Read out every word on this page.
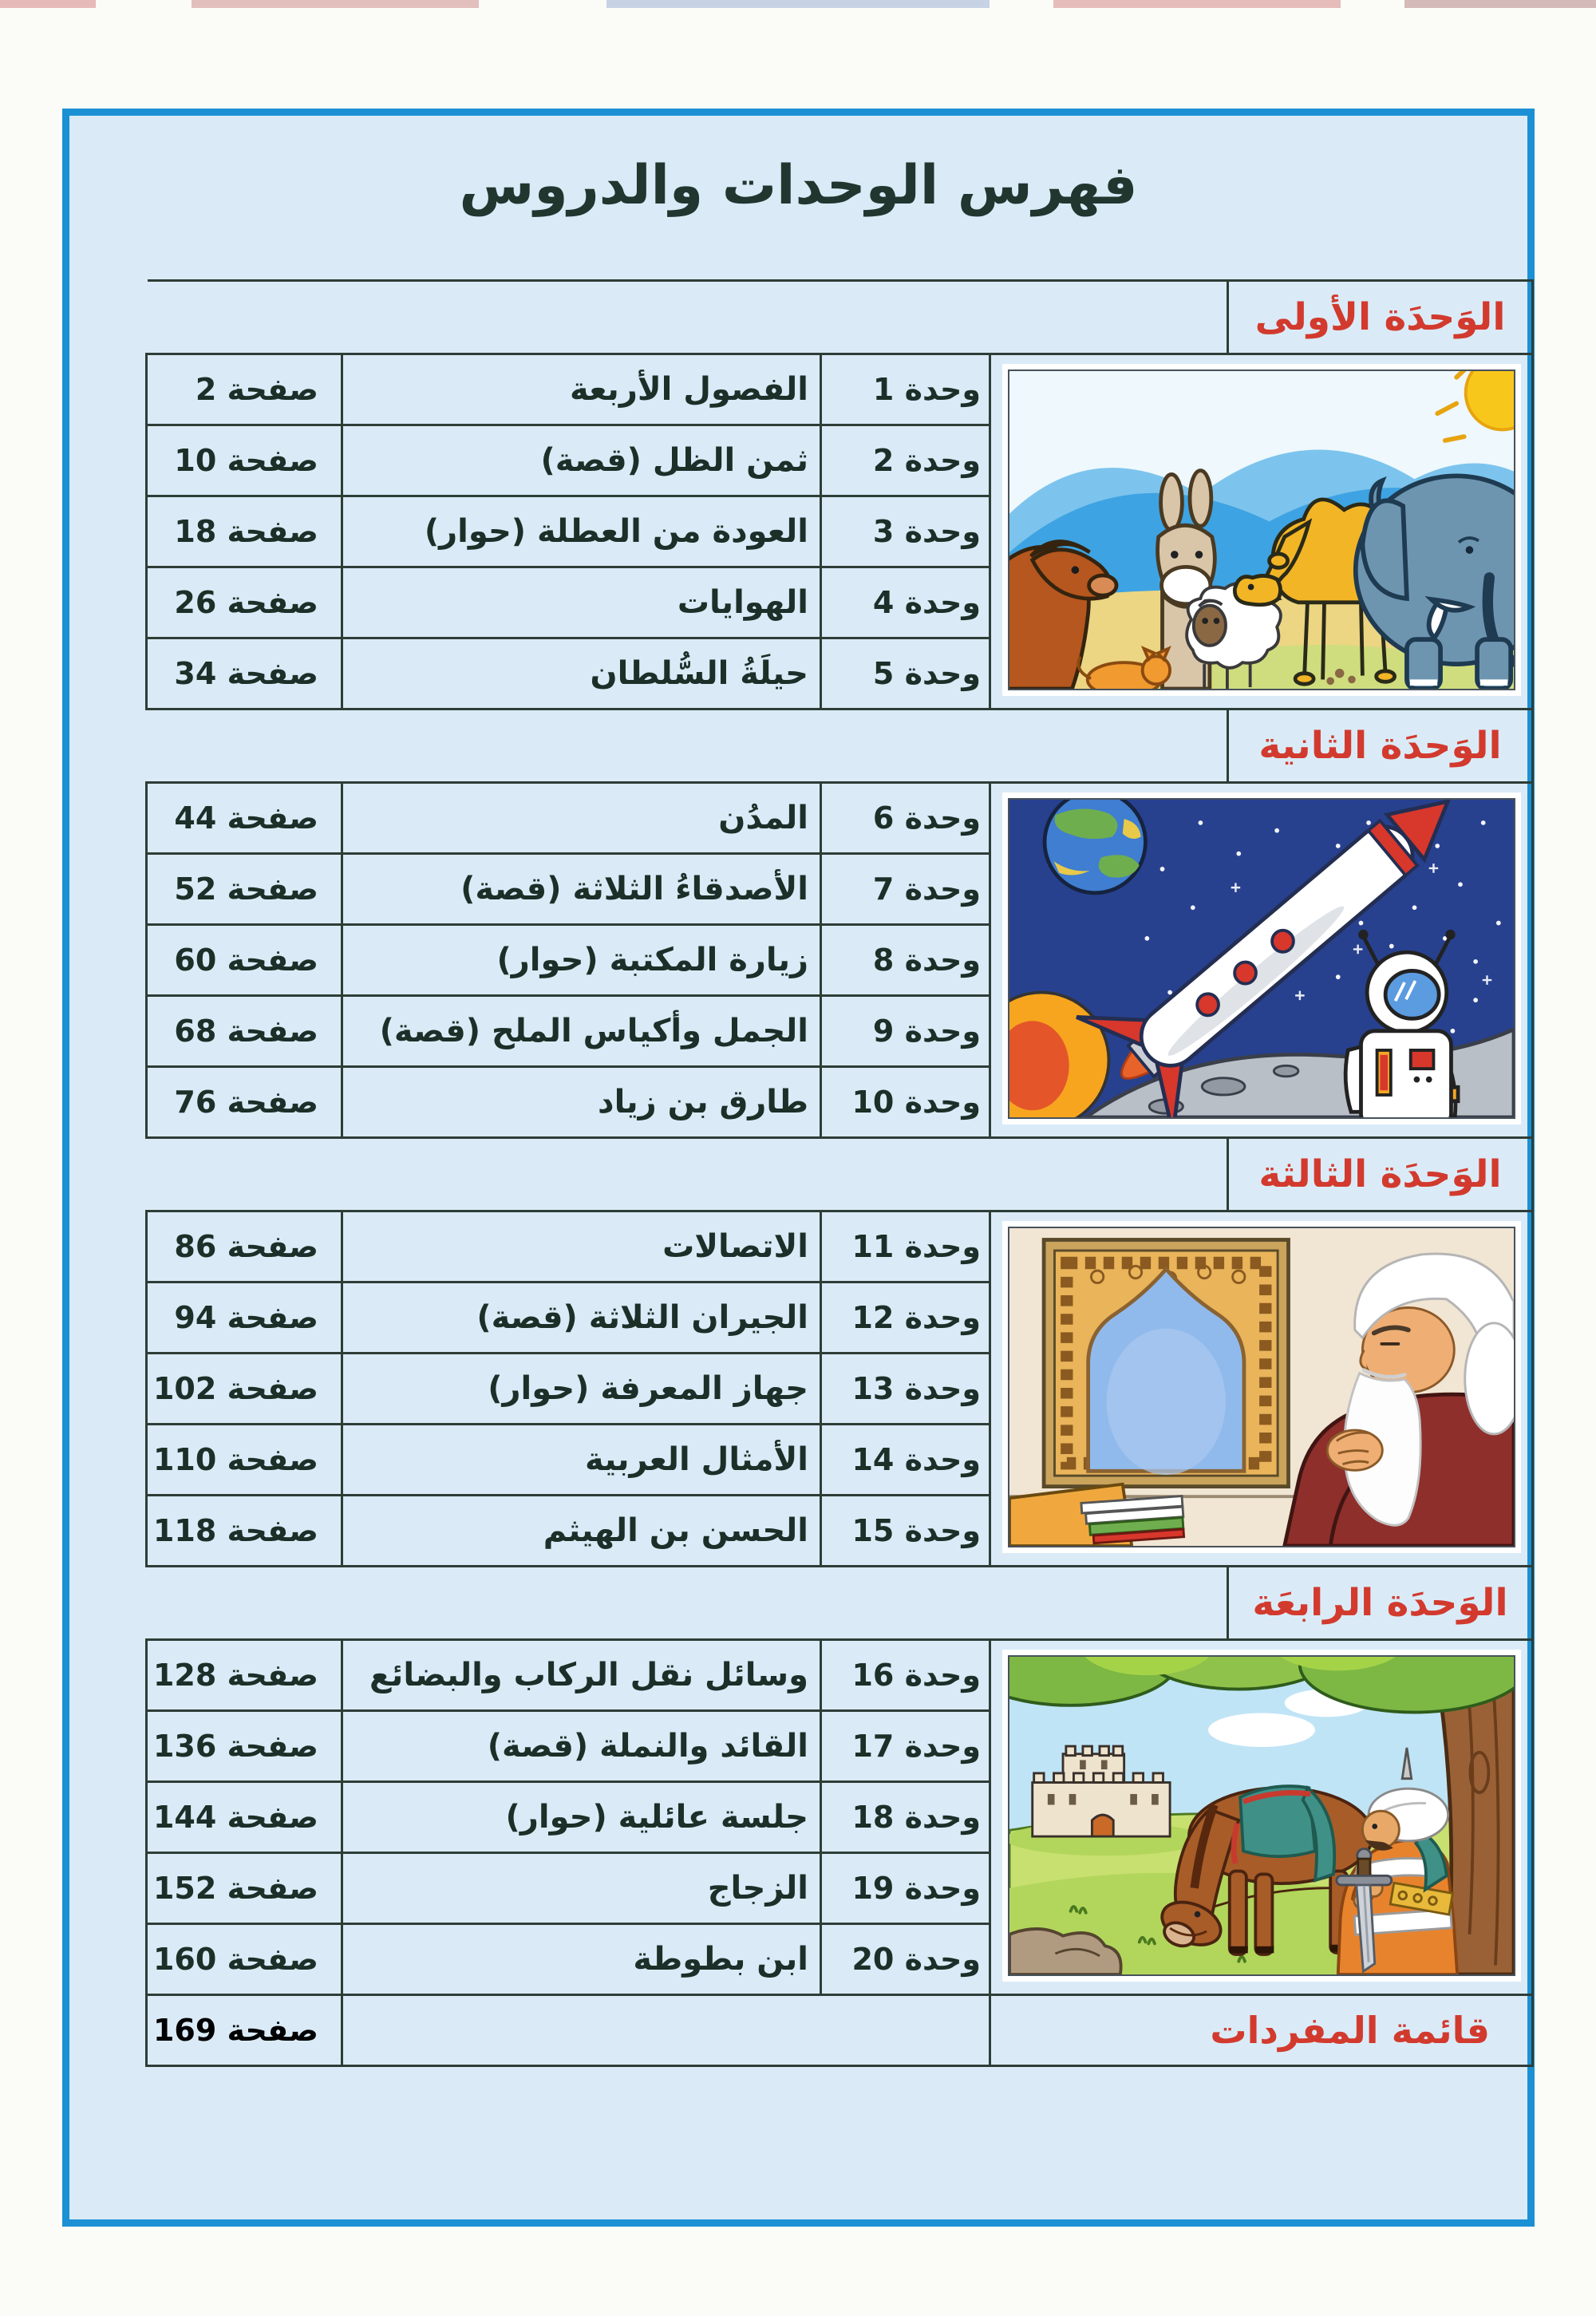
فهرس الوحدات والدروس
الوَحدَة الأولى
	وحدة 1	الفصول الأربعة	صفحة 2
	وحدة 2	ثمن الظل (قصة)	صفحة 10
	وحدة 3	العودة من العطلة (حوار)	صفحة 18
	وحدة 4	الهوايات	صفحة 26
	وحدة 5	حيلَةُ السُّلطان	صفحة 34
الوَحدَة الثانية
	وحدة 6	المدُن	صفحة 44
	وحدة 7	الأصدقاءُ الثلاثة (قصة)	صفحة 52
	وحدة 8	زيارة المكتبة (حوار)	صفحة 60
	وحدة 9	الجمل وأكياس الملح (قصة)	صفحة 68
	وحدة 10	طارق بن زياد	صفحة 76
الوَحدَة الثالثة
	وحدة 11	الاتصالات	صفحة 86
	وحدة 12	الجيران الثلاثة (قصة)	صفحة 94
	وحدة 13	جهاز المعرفة (حوار)	صفحة 102
	وحدة 14	الأمثال العربية	صفحة 110
	وحدة 15	الحسن بن الهيثم	صفحة 118
الوَحدَة الرابعَة
	وحدة 16	وسائل نقل الركاب والبضائع	صفحة 128
	وحدة 17	القائد والنملة (قصة)	صفحة 136
	وحدة 18	جلسة عائلية (حوار)	صفحة 144
	وحدة 19	الزجاج	صفحة 152
	وحدة 20	ابن بطوطة	صفحة 160
قائمة المفردات		صفحة 169
